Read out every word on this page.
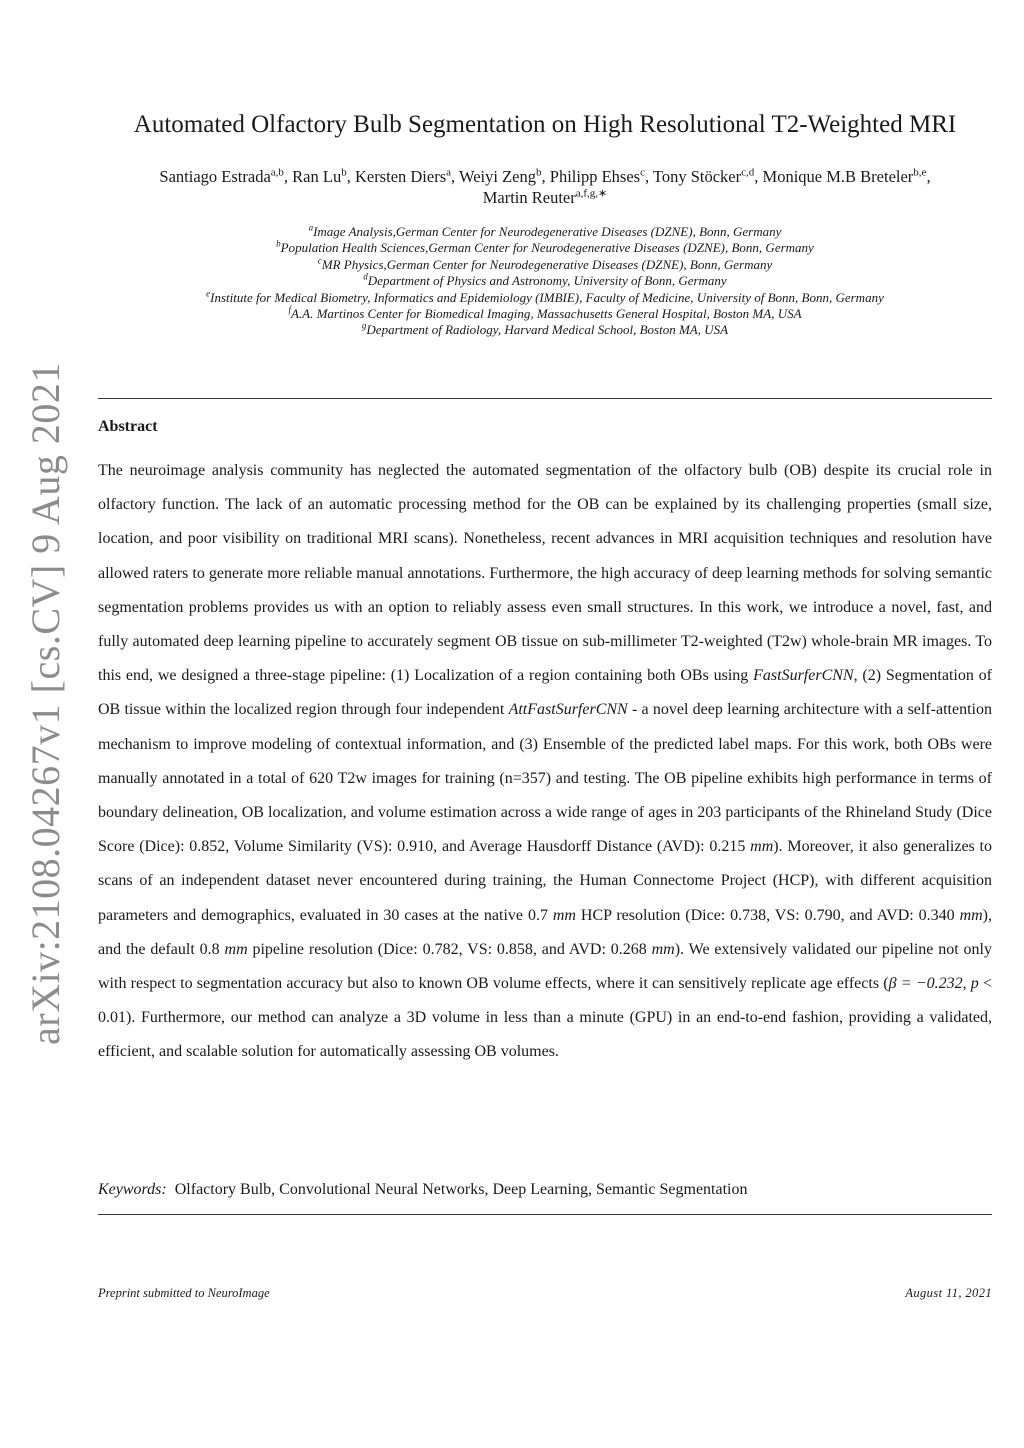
arXiv:2108.04267v1 [cs.CV] 9 Aug 2021
Automated Olfactory Bulb Segmentation on High Resolutional T2-Weighted MRI
Santiago Estrada$^{a,b}$, Ran Lu$^b$, Kersten Diers$^a$, Weiyi Zeng$^b$, Philipp Ehses$^c$, Tony Stöcker$^{c,d}$, Monique M.B Breteler$^{b,e}$,
Martin Reuter$^{a,f,g,∗}$
$^a$Image Analysis,German Center for Neurodegenerative Diseases (DZNE), Bonn, Germany
$^b$Population Health Sciences,German Center for Neurodegenerative Diseases (DZNE), Bonn, Germany
$^c$MR Physics,German Center for Neurodegenerative Diseases (DZNE), Bonn, Germany
$^d$Department of Physics and Astronomy, University of Bonn, Germany
$^e$Institute for Medical Biometry, Informatics and Epidemiology (IMBIE), Faculty of Medicine, University of Bonn, Bonn, Germany
$^f$A.A. Martinos Center for Biomedical Imaging, Massachusetts General Hospital, Boston MA, USA
$^g$Department of Radiology, Harvard Medical School, Boston MA, USA
Abstract
The neuroimage analysis community has neglected the automated segmentation of the olfactory bulb (OB) despite its crucial role in olfactory function. The lack of an automatic processing method for the OB can be explained by its challenging properties (small size, location, and poor visibility on traditional MRI scans). Nonetheless, recent advances in MRI acquisition techniques and resolution have allowed raters to generate more reliable manual annotations. Furthermore, the high accuracy of deep learning methods for solving semantic segmentation problems provides us with an option to reliably assess even small structures. In this work, we introduce a novel, fast, and fully automated deep learning pipeline to accurately segment OB tissue on sub-millimeter T2-weighted (T2w) whole-brain MR images. To this end, we designed a three-stage pipeline: (1) Localization of a region containing both OBs using FastSurferCNN, (2) Segmentation of OB tissue within the localized region through four independent AttFastSurferCNN - a novel deep learning architecture with a self-attention mechanism to improve modeling of contextual information, and (3) Ensemble of the predicted label maps. For this work, both OBs were manually annotated in a total of 620 T2w images for training (n=357) and testing. The OB pipeline exhibits high performance in terms of boundary delineation, OB localization, and volume estimation across a wide range of ages in 203 participants of the Rhineland Study (Dice Score (Dice): 0.852, Volume Similarity (VS): 0.910, and Average Hausdorff Distance (AVD): 0.215 mm). Moreover, it also generalizes to scans of an independent dataset never encountered during training, the Human Connectome Project (HCP), with different acquisition parameters and demographics, evaluated in 30 cases at the native 0.7 mm HCP resolution (Dice: 0.738, VS: 0.790, and AVD: 0.340 mm), and the default 0.8 mm pipeline resolution (Dice: 0.782, VS: 0.858, and AVD: 0.268 mm). We extensively validated our pipeline not only with respect to segmentation accuracy but also to known OB volume effects, where it can sensitively replicate age effects (β = −0.232, p < 0.01). Furthermore, our method can analyze a 3D volume in less than a minute (GPU) in an end-to-end fashion, providing a validated, efficient, and scalable solution for automatically assessing OB volumes.
Keywords: Olfactory Bulb, Convolutional Neural Networks, Deep Learning, Semantic Segmentation
Preprint submitted to NeuroImage	August 11, 2021
